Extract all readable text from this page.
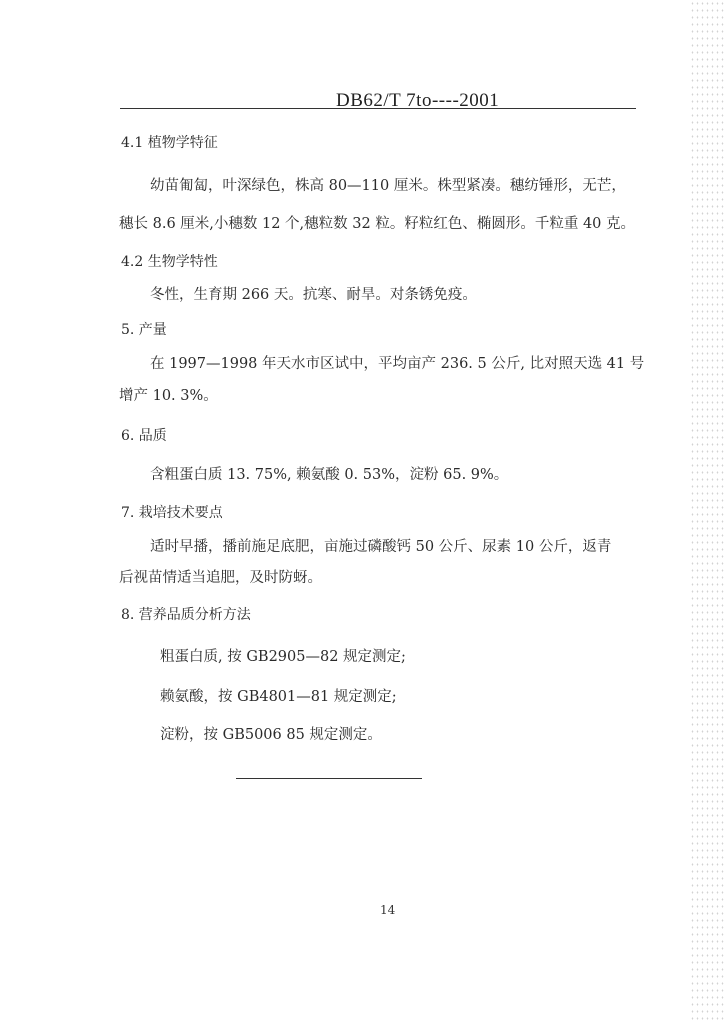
DB62/T 7to----2001
4.1 植物学特征
幼苗匍匐，叶深绿色，株高 80—110 厘米。株型紧凑。穗纺锤形，无芒，
穗长 8.6 厘米,小穗数 12 个,穗粒数 32 粒。籽粒红色、椭圆形。千粒重 40 克。
4.2 生物学特性
冬性，生育期 266 天。抗寒、耐旱。对条锈免疫。
5. 产量
在 1997—1998 年天水市区试中，平均亩产 236. 5 公斤, 比对照天选 41 号
增产 10. 3%。
6. 品质
含粗蛋白质 13. 75%, 赖氨酸 0. 53%，淀粉 65. 9%。
7. 栽培技术要点
适时早播，播前施足底肥，亩施过磷酸钙 50 公斤、尿素 10 公斤，返青
后视苗情适当追肥，及时防蚜。
8. 营养品质分析方法
粗蛋白质, 按 GB2905—82 规定测定;
赖氨酸，按 GB4801—81 规定测定;
淀粉，按 GB5006 85 规定测定。
14
